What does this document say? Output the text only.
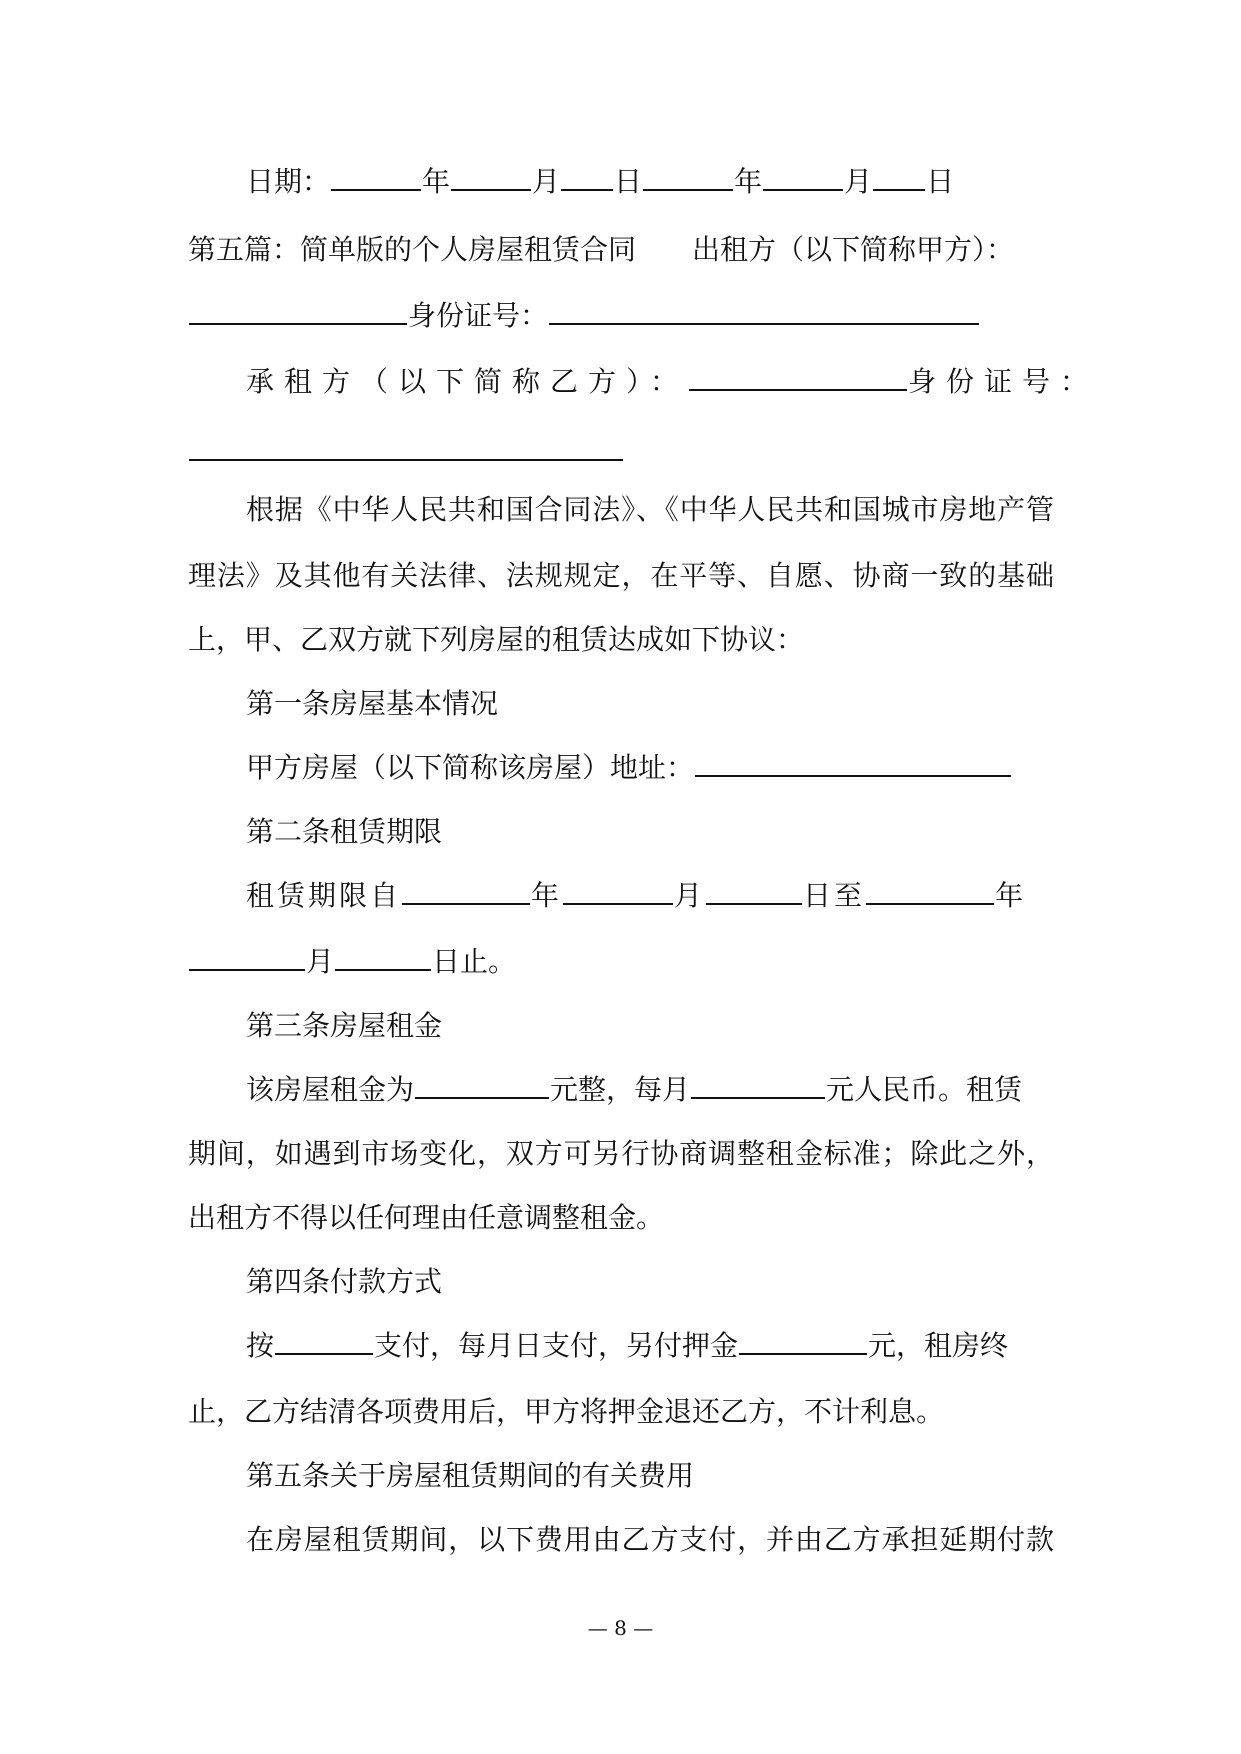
日期：	年	月 日	年	月 日
第五篇：简单版的个人房屋租赁合同 出租方（以下简称甲方）：
身份证号：
承租方（以下简称乙方）：	身份证号：
根据《中华人民共和国合同法》、《中华人民共和国城市房地产管
理法》及其他有关法律、法规规定，在平等、自愿、协商一致的基础
上，甲、乙双方就下列房屋的租赁达成如下协议：
第一条房屋基本情况
甲方房屋（以下简称该房屋）地址：
第二条租赁期限
租赁期限自	年	月	日至	年
月	日止。
第三条房屋租金
该房屋租金为	元整，每月	元人民币。租赁
期间，如遇到市场变化，双方可另行协商调整租金标准；除此之外，
出租方不得以任何理由任意调整租金。
第四条付款方式
按	支付，每月日支付，另付押金	元，租房终
止，乙方结清各项费用后，甲方将押金退还乙方，不计利息。
第五条关于房屋租赁期间的有关费用
在房屋租赁期间，以下费用由乙方支付，并由乙方承担延期付款
— 8 —
